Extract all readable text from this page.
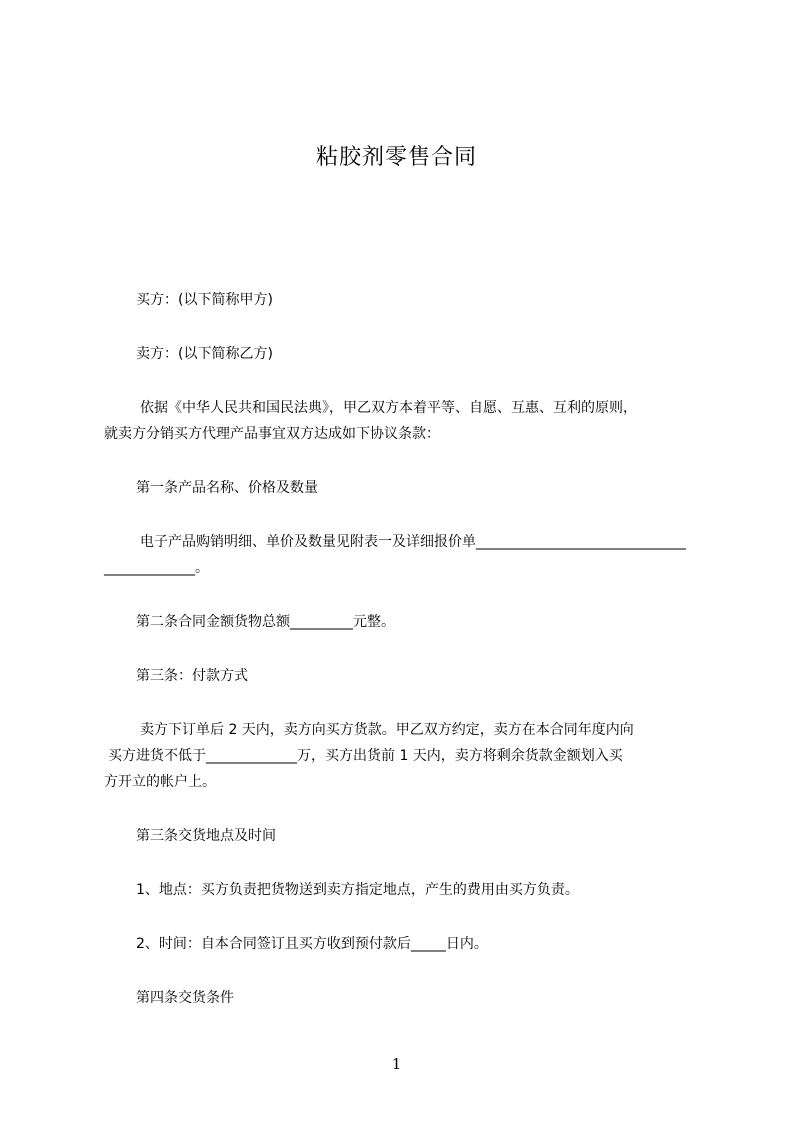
粘胶剂零售合同
买方：(以下简称甲方)
卖方：(以下简称乙方)
依据《中华人民共和国民法典》，甲乙双方本着平等、自愿、互惠、互利的原则，
就卖方分销买方代理产品事宜双方达成如下协议条款：
第一条产品名称、价格及数量
电子产品购销明细、单价及数量见附表一及详细报价单______________________________
_____________。
第二条合同金额货物总额_________元整。
第三条：付款方式
卖方下订单后 2 天内，卖方向买方货款。甲乙双方约定，卖方在本合同年度内向
买方进货不低于_____________万，买方出货前 1 天内，卖方将剩余货款金额划入买
方开立的帐户上。
第三条交货地点及时间
1、地点：买方负责把货物送到卖方指定地点，产生的费用由买方负责。
2、时间：自本合同签订且买方收到预付款后_____日内。
第四条交货条件
1
